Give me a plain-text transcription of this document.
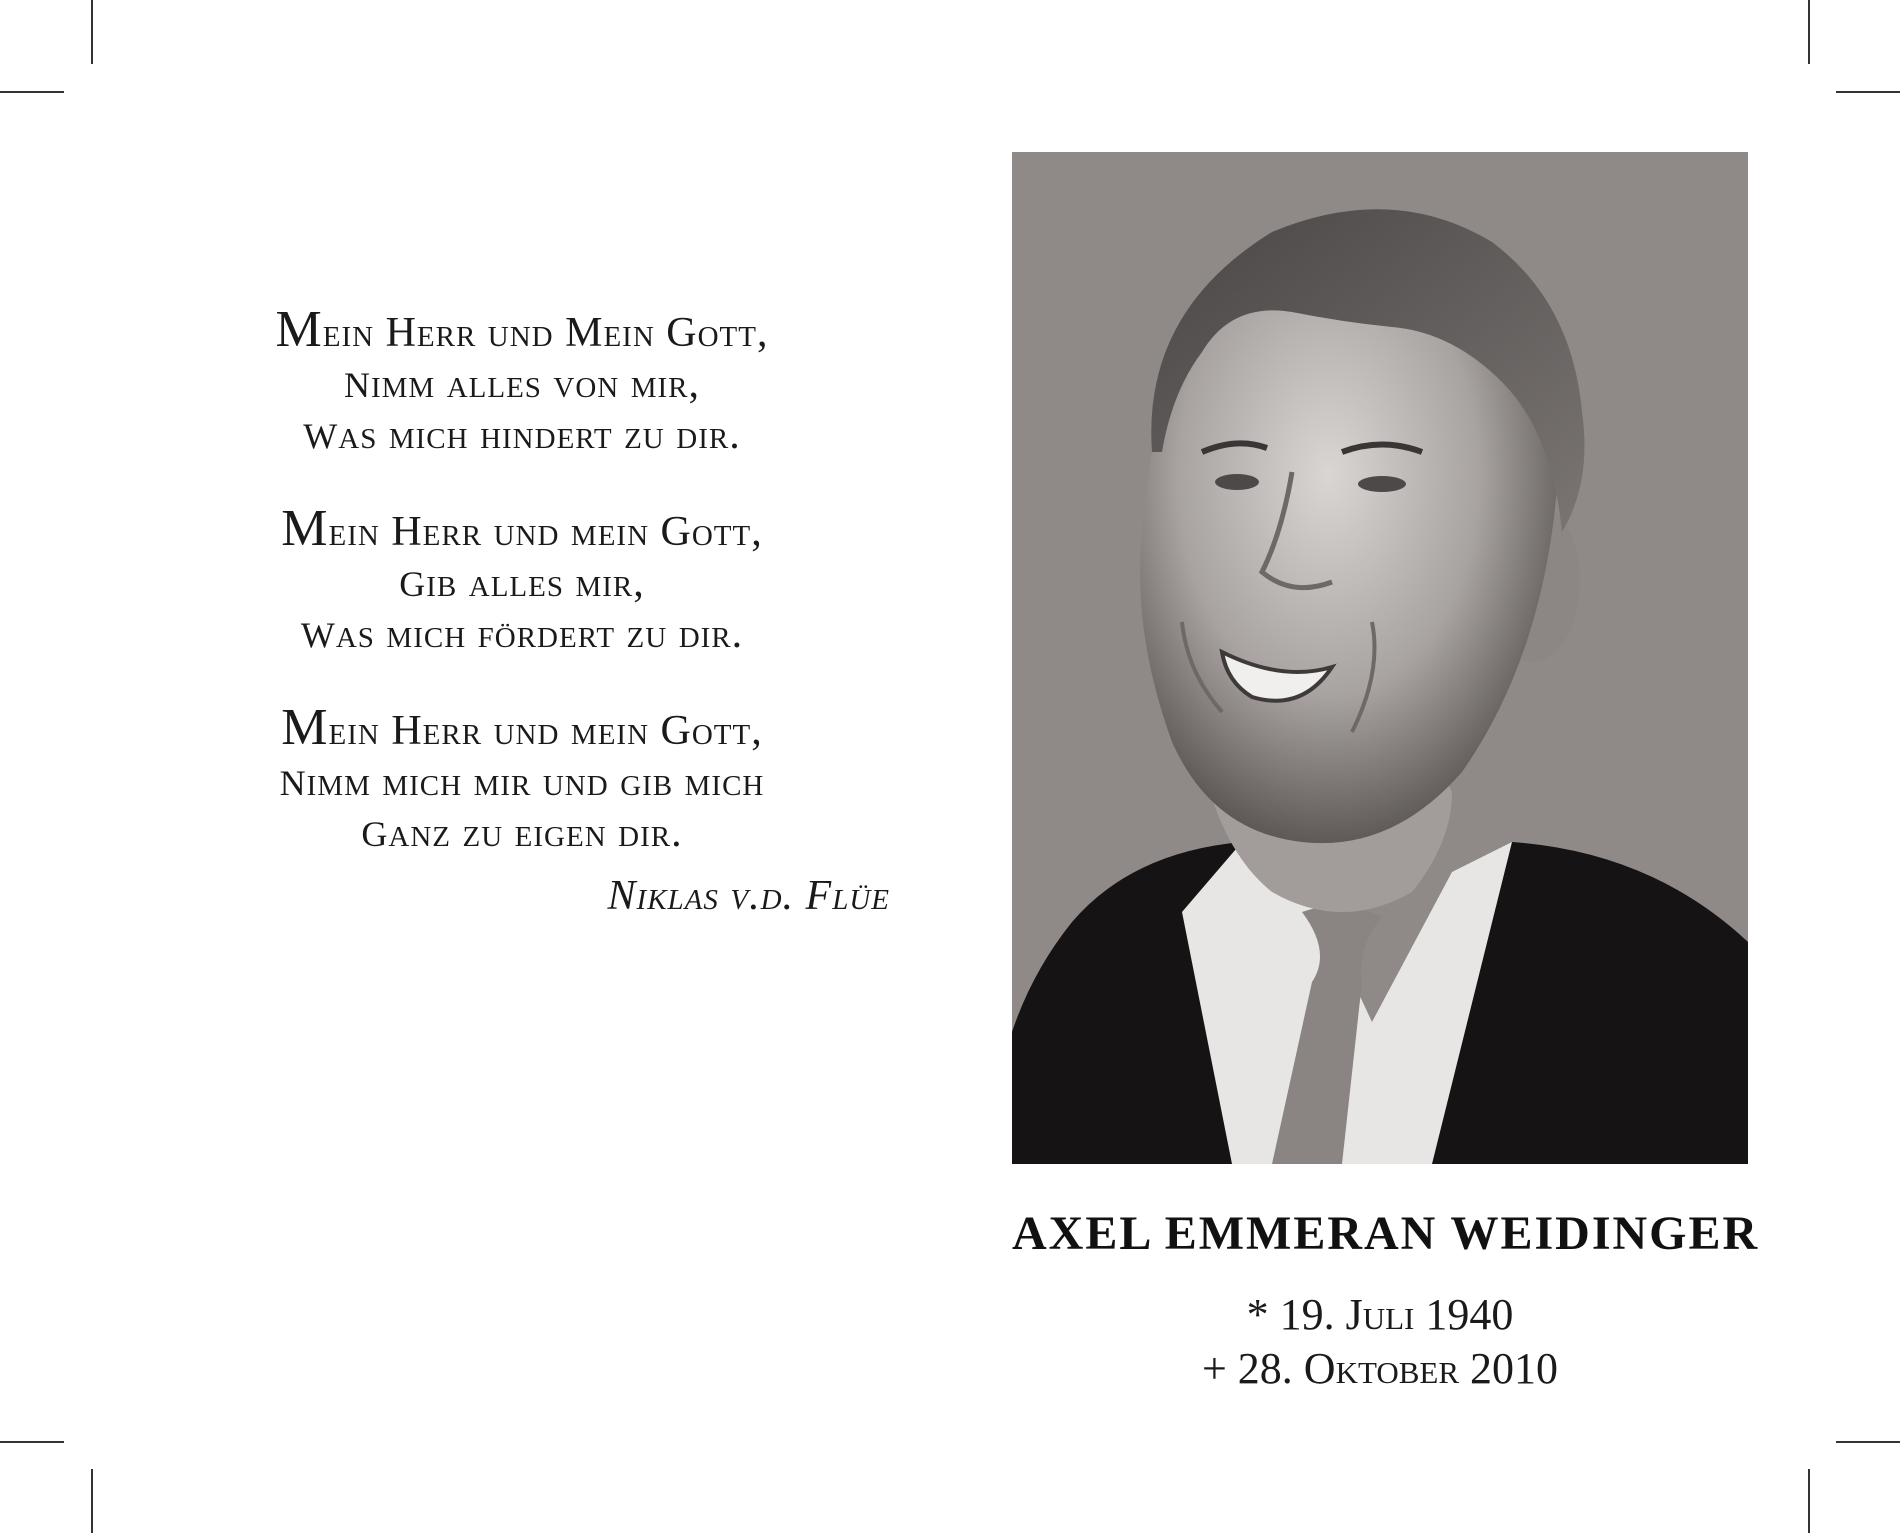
Mein Herr und Mein Gott,
nimm alles von mir,
was mich hindert zu dir.
Mein Herr und mein Gott,
gib alles mir,
was mich fördert zu dir.
Mein Herr und mein Gott,
nimm mich mir und gib mich
ganz zu eigen dir.
Niklas v.d. Flüe
AXEL EMMERAN WEIDINGER
* 19. Juli 1940
+ 28. Oktober 2010
